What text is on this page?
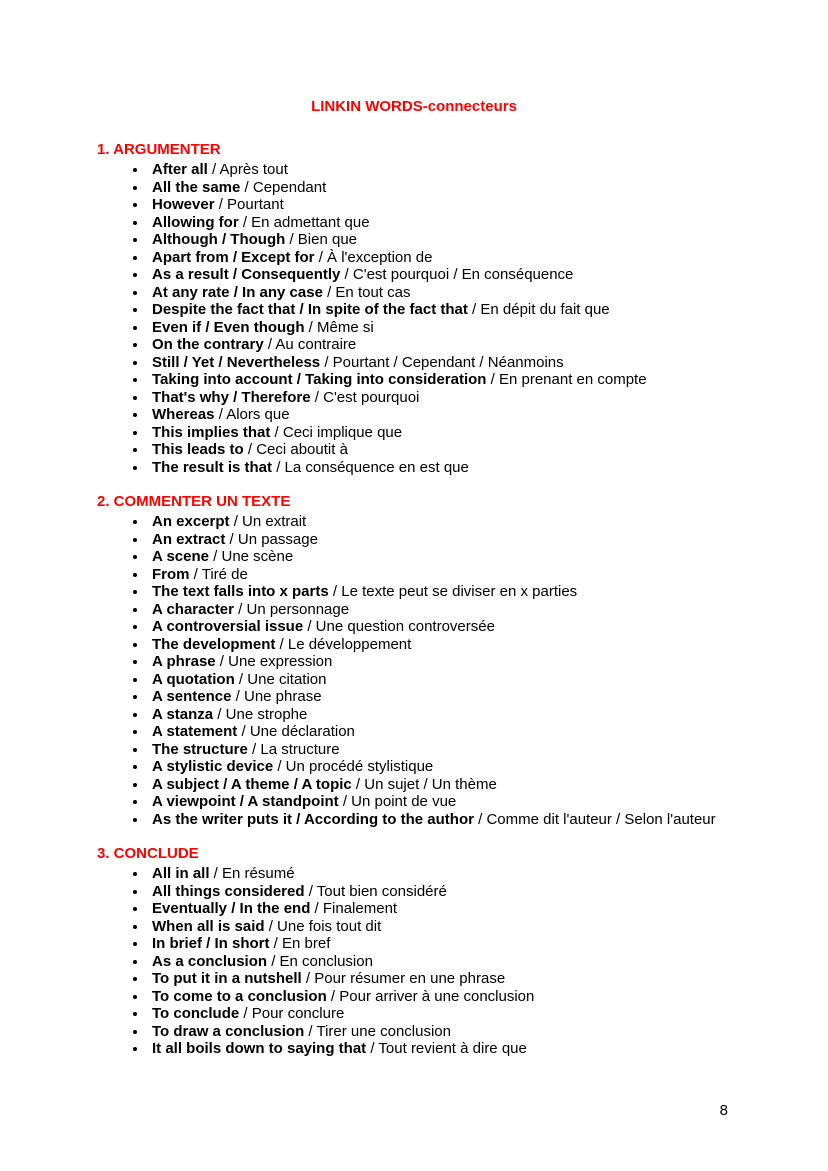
LINKIN WORDS-connecteurs
1. ARGUMENTER
• After all / Après tout
• All the same / Cependant
• However / Pourtant
• Allowing for / En admettant que
• Although / Though / Bien que
• Apart from / Except for / À l'exception de
• As a result / Consequently / C'est pourquoi / En conséquence
• At any rate / In any case / En tout cas
• Despite the fact that / In spite of the fact that / En dépit du fait que
• Even if / Even though / Même si
• On the contrary / Au contraire
• Still / Yet / Nevertheless / Pourtant / Cependant / Néanmoins
• Taking into account / Taking into consideration / En prenant en compte
• That's why / Therefore / C'est pourquoi
• Whereas / Alors que
• This implies that / Ceci implique que
• This leads to / Ceci aboutit à
• The result is that / La conséquence en est que
2. COMMENTER UN TEXTE
• An excerpt / Un extrait
• An extract / Un passage
• A scene / Une scène
• From / Tiré de
• The text falls into x parts / Le texte peut se diviser en x parties
• A character / Un personnage
• A controversial issue / Une question controversée
• The development / Le développement
• A phrase / Une expression
• A quotation / Une citation
• A sentence / Une phrase
• A stanza / Une strophe
• A statement / Une déclaration
• The structure / La structure
• A stylistic device / Un procédé stylistique
• A subject / A theme / A topic / Un sujet / Un thème
• A viewpoint / A standpoint / Un point de vue
• As the writer puts it / According to the author / Comme dit l'auteur / Selon l'auteur
3. CONCLUDE
• All in all / En résumé
• All things considered / Tout bien considéré
• Eventually / In the end / Finalement
• When all is said / Une fois tout dit
• In brief / In short / En bref
• As a conclusion / En conclusion
• To put it in a nutshell / Pour résumer en une phrase
• To come to a conclusion / Pour arriver à une conclusion
• To conclude / Pour conclure
• To draw a conclusion / Tirer une conclusion
• It all boils down to saying that / Tout revient à dire que
8
